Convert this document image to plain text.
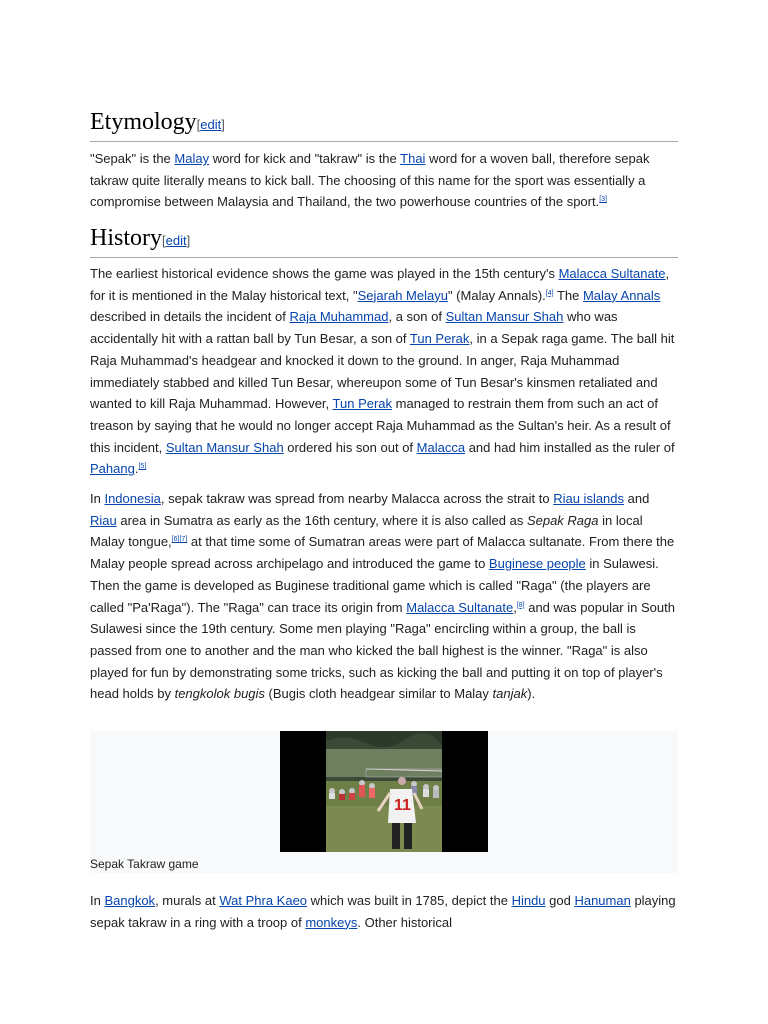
Etymology[edit]

"Sepak" is the Malay word for kick and "takraw" is the Thai word for a woven ball, therefore sepak takraw quite literally means to kick ball. The choosing of this name for the sport was essentially a compromise between Malaysia and Thailand, the two powerhouse countries of the sport.[3]

History[edit]

The earliest historical evidence shows the game was played in the 15th century's Malacca Sultanate, for it is mentioned in the Malay historical text, "Sejarah Melayu" (Malay Annals).[4] The Malay Annals described in details the incident of Raja Muhammad, a son of Sultan Mansur Shah who was accidentally hit with a rattan ball by Tun Besar, a son of Tun Perak, in a Sepak raga game. The ball hit Raja Muhammad's headgear and knocked it down to the ground. In anger, Raja Muhammad immediately stabbed and killed Tun Besar, whereupon some of Tun Besar's kinsmen retaliated and wanted to kill Raja Muhammad. However, Tun Perak managed to restrain them from such an act of treason by saying that he would no longer accept Raja Muhammad as the Sultan's heir. As a result of this incident, Sultan Mansur Shah ordered his son out of Malacca and had him installed as the ruler of Pahang.[5]

In Indonesia, sepak takraw was spread from nearby Malacca across the strait to Riau islands and Riau area in Sumatra as early as the 16th century, where it is also called as Sepak Raga in local Malay tongue,[6][7] at that time some of Sumatran areas were part of Malacca sultanate. From there the Malay people spread across archipelago and introduced the game to Buginese people in Sulawesi. Then the game is developed as Buginese traditional game which is called "Raga" (the players are called "Pa'Raga"). The "Raga" can trace its origin from Malacca Sultanate,[8] and was popular in South Sulawesi since the 19th century. Some men playing "Raga" encircling within a group, the ball is passed from one to another and the man who kicked the ball highest is the winner. "Raga" is also played for fun by demonstrating some tricks, such as kicking the ball and putting it on top of player's head holds by tengkolok bugis (Bugis cloth headgear similar to Malay tanjak).

11
Sepak Takraw game

In Bangkok, murals at Wat Phra Kaeo which was built in 1785, depict the Hindu god Hanuman playing sepak takraw in a ring with a troop of monkeys. Other historical
